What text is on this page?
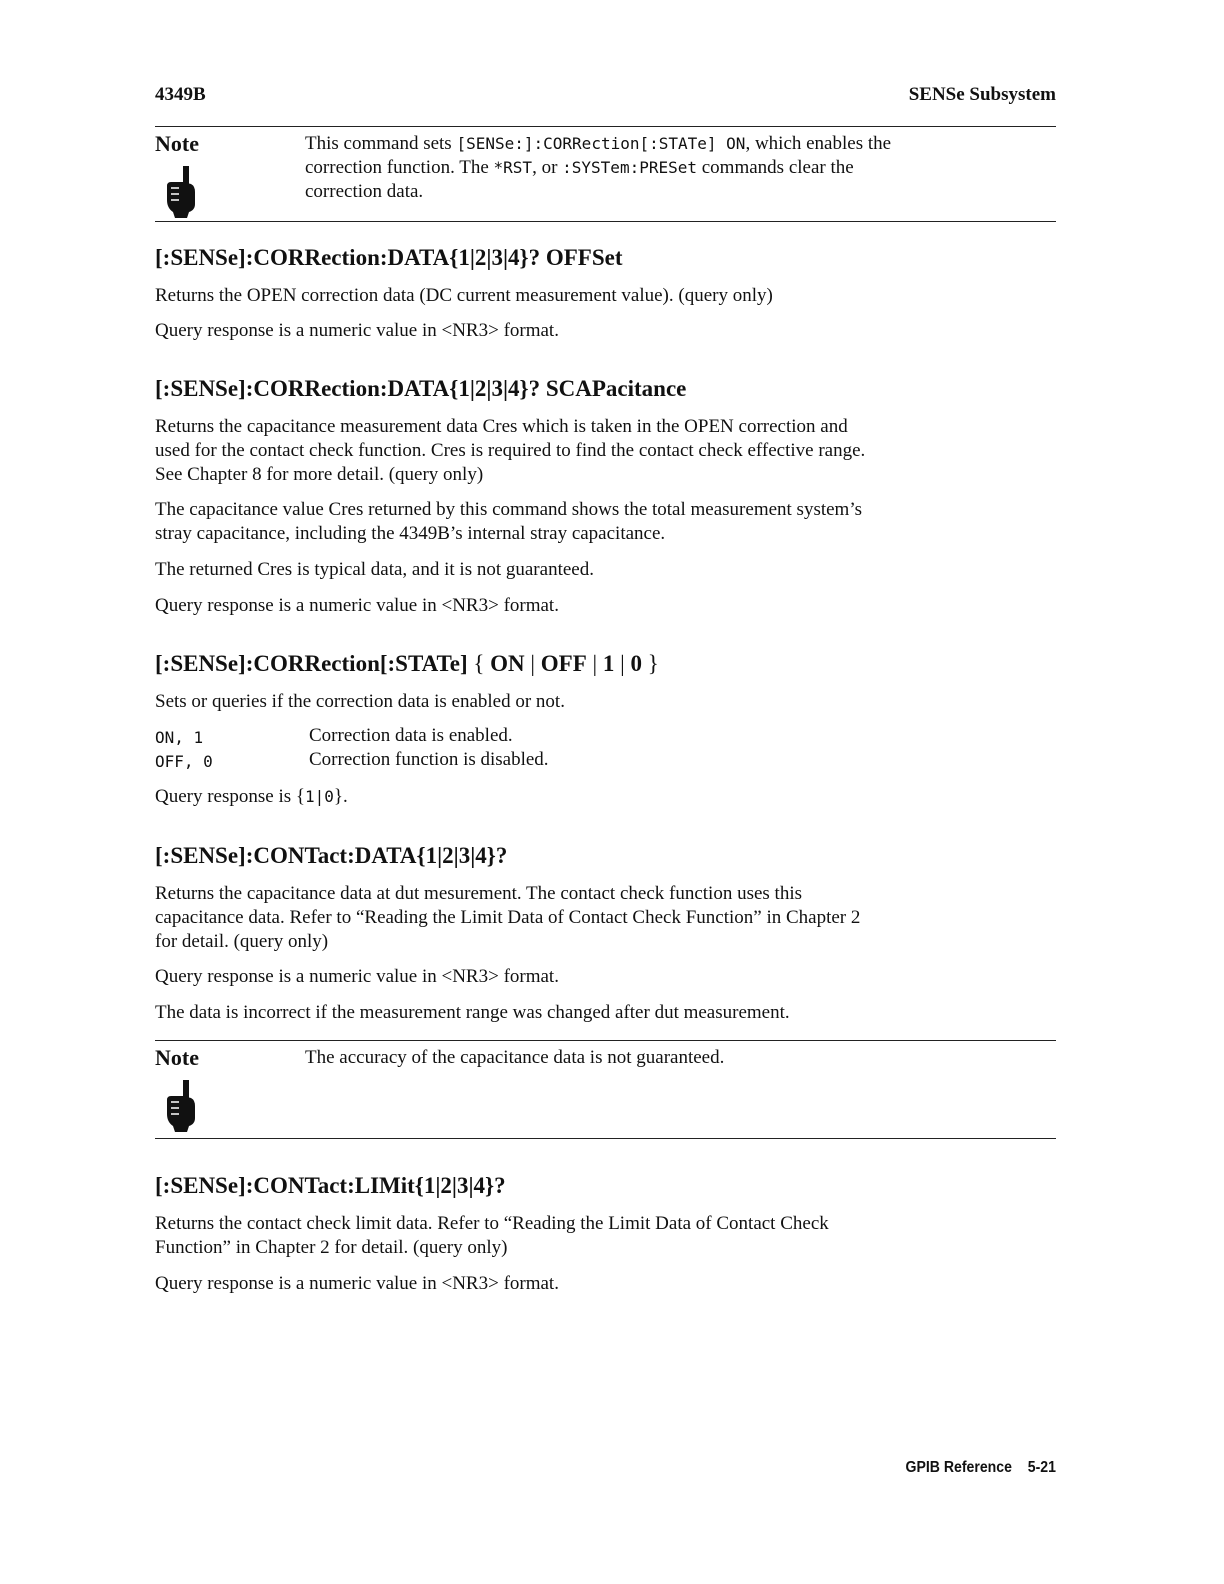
4349B	SENSe Subsystem
Note	This command sets [SENSe:]:CORRection[:STATe] ON, which enables the
correction function. The *RST, or :SYSTem:PRESet commands clear the
correction data.
[:SENSe]:CORRection:DATA{1|2|3|4}? OFFSet
Returns the OPEN correction data (DC current measurement value). (query only)
Query response is a numeric value in <NR3> format.
[:SENSe]:CORRection:DATA{1|2|3|4}? SCAPacitance
Returns the capacitance measurement data Cres which is taken in the OPEN correction and
used for the contact check function. Cres is required to find the contact check effective range.
See Chapter 8 for more detail. (query only)
The capacitance value Cres returned by this command shows the total measurement system’s
stray capacitance, including the 4349B’s internal stray capacitance.
The returned Cres is typical data, and it is not guaranteed.
Query response is a numeric value in <NR3> format.
[:SENSe]:CORRection[:STATe] { ON | OFF | 1 | 0 }
Sets or queries if the correction data is enabled or not.
ON, 1	Correction data is enabled.
OFF, 0	Correction function is disabled.
Query response is {1|0}.
[:SENSe]:CONTact:DATA{1|2|3|4}?
Returns the capacitance data at dut mesurement. The contact check function uses this
capacitance data. Refer to “Reading the Limit Data of Contact Check Function” in Chapter 2
for detail. (query only)
Query response is a numeric value in <NR3> format.
The data is incorrect if the measurement range was changed after dut measurement.
Note	The accuracy of the capacitance data is not guaranteed.
[:SENSe]:CONTact:LIMit{1|2|3|4}?
Returns the contact check limit data. Refer to “Reading the Limit Data of Contact Check
Function” in Chapter 2 for detail. (query only)
Query response is a numeric value in <NR3> format.
GPIB Reference 5-21
